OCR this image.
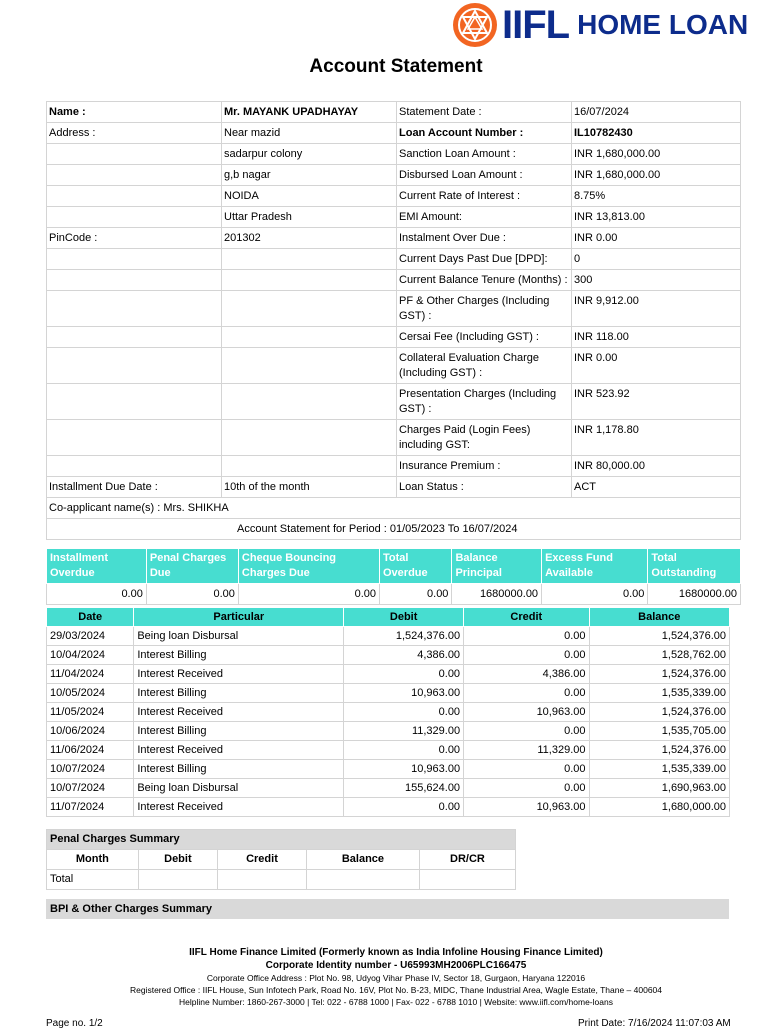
IIFL HOME LOAN
Account Statement
Name :	Mr. MAYANK UPADHAYAY	Statement Date :	16/07/2024
Address :	Near mazid	Loan Account Number :	IL10782430
	sadarpur colony	Sanction Loan Amount :	INR 1,680,000.00
	g,b nagar	Disbursed Loan Amount :	INR 1,680,000.00
	NOIDA	Current Rate of Interest :	8.75%
	Uttar Pradesh	EMI Amount:	INR 13,813.00
PinCode :	201302	Instalment Over Due :	INR 0.00
		Current Days Past Due [DPD]:	0
		Current Balance Tenure (Months) :	300
		PF & Other Charges (Including GST) :	INR 9,912.00
		Cersai Fee (Including GST) :	INR 118.00
		Collateral Evaluation Charge (Including GST) :	INR 0.00
		Presentation Charges (Including GST) :	INR 523.92
		Charges Paid (Login Fees) including GST:	INR 1,178.80
		Insurance Premium :	INR 80,000.00
Installment Due Date :	10th of the month	Loan Status :	ACT
Co-applicant name(s) : Mrs. SHIKHA			
Account Statement for Period : 01/05/2023 To 16/07/2024			
Installment Overdue	Penal Charges Due	Cheque Bouncing Charges Due	Total Overdue	Balance Principal	Excess Fund Available	Total Outstanding
0.00	0.00	0.00	0.00	1680000.00	0.00	1680000.00
Date	Particular	Debit	Credit	Balance
29/03/2024	Being loan Disbursal	1,524,376.00	0.00	1,524,376.00
10/04/2024	Interest Billing	4,386.00	0.00	1,528,762.00
11/04/2024	Interest Received	0.00	4,386.00	1,524,376.00
10/05/2024	Interest Billing	10,963.00	0.00	1,535,339.00
11/05/2024	Interest Received	0.00	10,963.00	1,524,376.00
10/06/2024	Interest Billing	11,329.00	0.00	1,535,705.00
11/06/2024	Interest Received	0.00	11,329.00	1,524,376.00
10/07/2024	Interest Billing	10,963.00	0.00	1,535,339.00
10/07/2024	Being loan Disbursal	155,624.00	0.00	1,690,963.00
11/07/2024	Interest Received	0.00	10,963.00	1,680,000.00
Penal Charges Summary				
Month	Debit	Credit	Balance	DR/CR
Total				
BPI & Other Charges Summary
IIFL Home Finance Limited (Formerly known as India Infoline Housing Finance Limited)
Corporate Identity number - U65993MH2006PLC166475
Corporate Office Address : Plot No. 98, Udyog Vihar Phase IV, Sector 18, Gurgaon, Haryana 122016
Registered Office : IIFL House, Sun Infotech Park, Road No. 16V, Plot No. B-23, MIDC, Thane Industrial Area, Wagle Estate, Thane – 400604
Helpline Number: 1860-267-3000 | Tel: 022 - 6788 1000 | Fax- 022 - 6788 1010 | Website: www.iifl.com/home-loans
Page no. 1/2	Print Date: 7/16/2024 11:07:03 AM
